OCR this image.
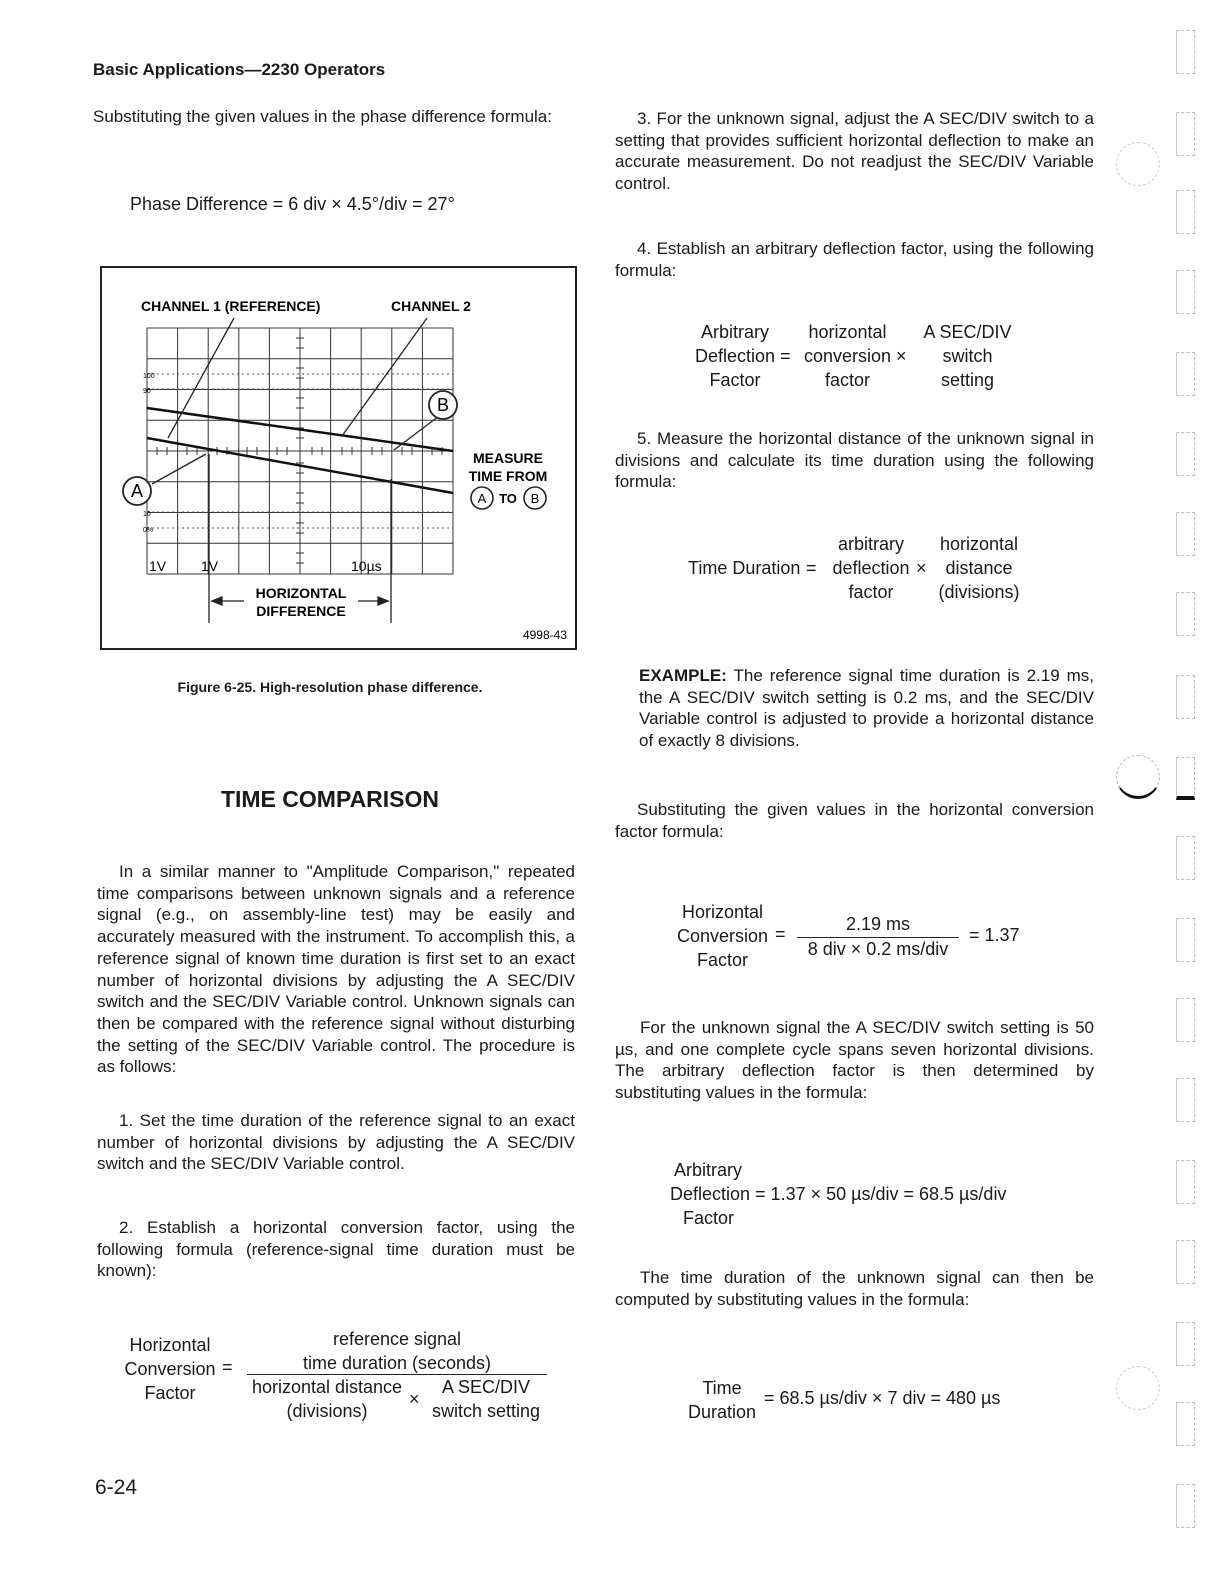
Basic Applications—2230 Operators
Substituting the given values in the phase difference formula:
Phase Difference = 6 div × 4.5°/div = 27°
CHANNEL 1 (REFERENCE)	CHANNEL 2
A
B
MEASURE
TIME FROM
A TO B
1V 1V	10µs
100
90
10
0%
HORIZONTAL
DIFFERENCE
4998-43
Figure 6-25. High-resolution phase difference.
TIME COMPARISON
In a similar manner to "Amplitude Comparison," repeated time comparisons between unknown signals and a reference signal (e.g., on assembly-line test) may be easily and accurately measured with the instrument. To accomplish this, a reference signal of known time duration is first set to an exact number of horizontal divisions by adjusting the A SEC/DIV switch and the SEC/DIV Variable control. Unknown signals can then be compared with the reference signal without disturbing the setting of the SEC/DIV Variable control. The procedure is as follows:
1. Set the time duration of the reference signal to an exact number of horizontal divisions by adjusting the A SEC/DIV switch and the SEC/DIV Variable control.
2. Establish a horizontal conversion factor, using the following formula (reference-signal time duration must be known):
Horizontal
Conversion
Factor
=
reference signal
time duration (seconds)
horizontal distance
(divisions)
×
A SEC/DIV
switch setting
6-24
3. For the unknown signal, adjust the A SEC/DIV switch to a setting that provides sufficient horizontal deflection to make an accurate measurement. Do not readjust the SEC/DIV Variable control.
4. Establish an arbitrary deflection factor, using the following formula:
Arbitrary
Deflection
Factor
=
horizontal
conversion
factor
×
A SEC/DIV
switch
setting
5. Measure the horizontal distance of the unknown signal in divisions and calculate its time duration using the following formula:
Time Duration =
arbitrary
deflection
factor
×
horizontal
distance
(divisions)
EXAMPLE: The reference signal time duration is 2.19 ms, the A SEC/DIV switch setting is 0.2 ms, and the SEC/DIV Variable control is adjusted to provide a horizontal distance of exactly 8 divisions.
Substituting the given values in the horizontal conversion factor formula:
Horizontal
Conversion
Factor
=	2.19 ms
8 div × 0.2 ms/div
= 1.37
For the unknown signal the A SEC/DIV switch setting is 50 µs, and one complete cycle spans seven horizontal divisions. The arbitrary deflection factor is then determined by substituting values in the formula:
Arbitrary
Deflection = 1.37 × 50 µs/div = 68.5 µs/div
Factor
The time duration of the unknown signal can then be computed by substituting values in the formula:
Time
Duration
= 68.5 µs/div × 7 div = 480 µs
